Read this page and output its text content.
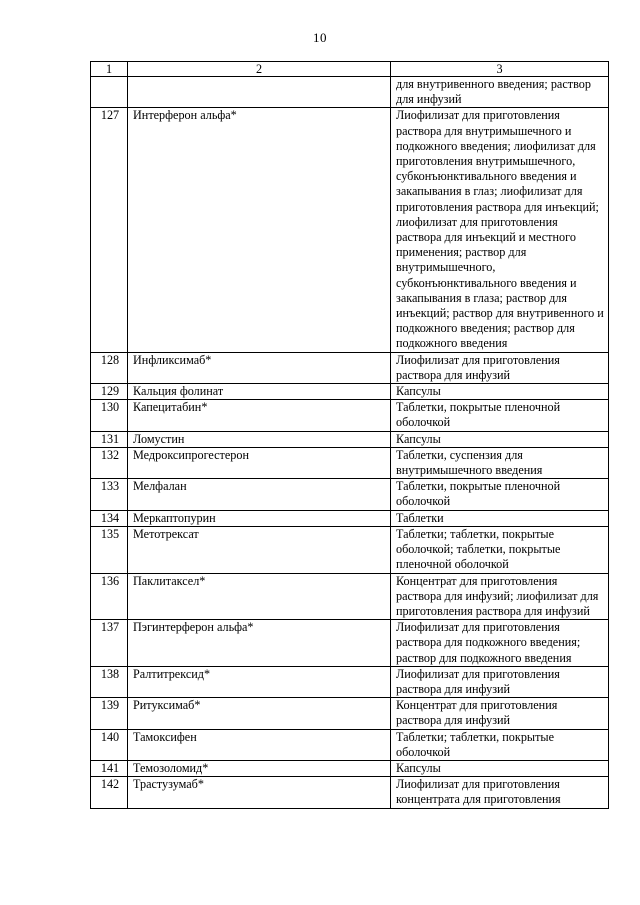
10
1	2	3
		для внутривенного введения; раствор для инфузий
127	Интерферон альфа*	Лиофилизат для приготовления раствора для внутримышечного и подкожного введения; лиофилизат для приготовления внутримышечного, субконъюнктивального введения и закапывания в глаз; лиофилизат для приготовления раствора для инъекций; лиофилизат для приготовления раствора для инъекций и местного применения; раствор для внутримышечного, субконъюнктивального введения и закапывания в глаза; раствор для инъекций; раствор для внутривенного и подкожного введения; раствор для подкожного введения
128	Инфликсимаб*	Лиофилизат для приготовления раствора для инфузий
129	Кальция фолинат	Капсулы
130	Капецитабин*	Таблетки, покрытые пленочной оболочкой
131	Ломустин	Капсулы
132	Медроксипрогестерон	Таблетки, суспензия для внутримышечного введения
133	Мелфалан	Таблетки, покрытые пленочной оболочкой
134	Меркаптопурин	Таблетки
135	Метотрексат	Таблетки; таблетки, покрытые оболочкой; таблетки, покрытые пленочной оболочкой
136	Паклитаксел*	Концентрат для приготовления раствора для инфузий; лиофилизат для приготовления раствора для инфузий
137	Пэгинтерферон альфа*	Лиофилизат для приготовления раствора для подкожного введения; раствор для подкожного введения
138	Ралтитрексид*	Лиофилизат для приготовления раствора для инфузий
139	Ритуксимаб*	Концентрат для приготовления раствора для инфузий
140	Тамоксифен	Таблетки; таблетки, покрытые оболочкой
141	Темозоломид*	Капсулы
142	Трастузумаб*	Лиофилизат для приготовления концентрата для приготовления
